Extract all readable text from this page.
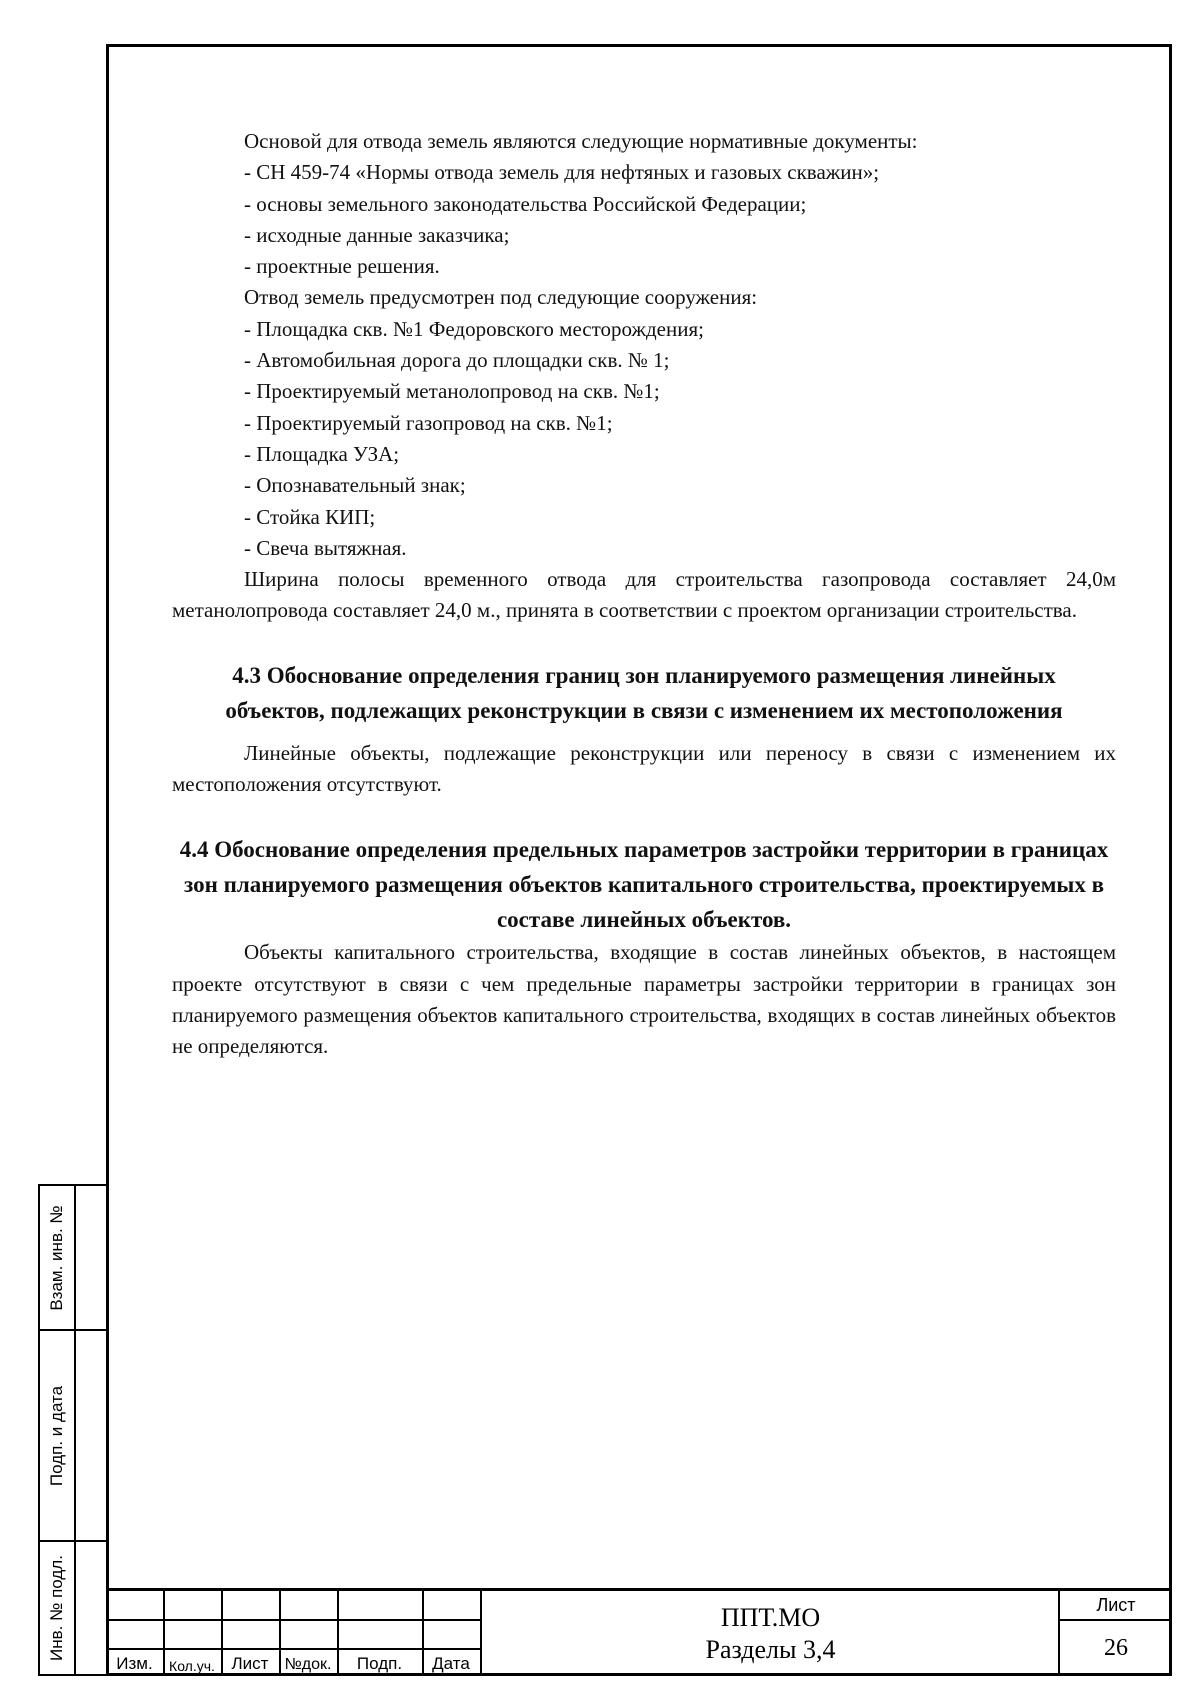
Основой для отвода земель являются следующие нормативные документы:

- СН 459-74 «Нормы отвода земель для нефтяных и газовых скважин»;
- основы земельного законодательства Российской Федерации;
- исходные данные заказчика;
- проектные решения.

Отвод земель предусмотрен под следующие сооружения:

- Площадка скв. №1 Федоровского месторождения;
- Автомобильная дорога до площадки скв. № 1;
- Проектируемый метанолопровод на скв. №1;
- Проектируемый газопровод на скв. №1;
- Площадка УЗА;
- Опознавательный знак;
- Стойка КИП;
- Свеча вытяжная.

Ширина полосы временного отвода для строительства газопровода составляет 24,0м метанолопровода составляет 24,0 м., принята в соответствии с проектом организации строительства.

4.3 Обоснование определения границ зон планируемого размещения линейных объектов, подлежащих реконструкции в связи с изменением их местоположения

Линейные объекты, подлежащие реконструкции или переносу в связи с изменением их местоположения отсутствуют.

4.4 Обоснование определения предельных параметров застройки территории в границах зон планируемого размещения объектов капитального строительства, проектируемых в составе линейных объектов.

Объекты капитального строительства, входящие в состав линейных объектов, в настоящем проекте отсутствуют в связи с чем предельные параметры застройки территории в границах зон планируемого размещения объектов капитального строительства, входящих в состав линейных объектов не определяются.

Взам. инв. №
Подп. и дата
Инв. № подл.
Изм.	Кол.уч. Лист	№док.	Подп.	Дата
ППТ.МО
Разделы 3,4
Лист
26
